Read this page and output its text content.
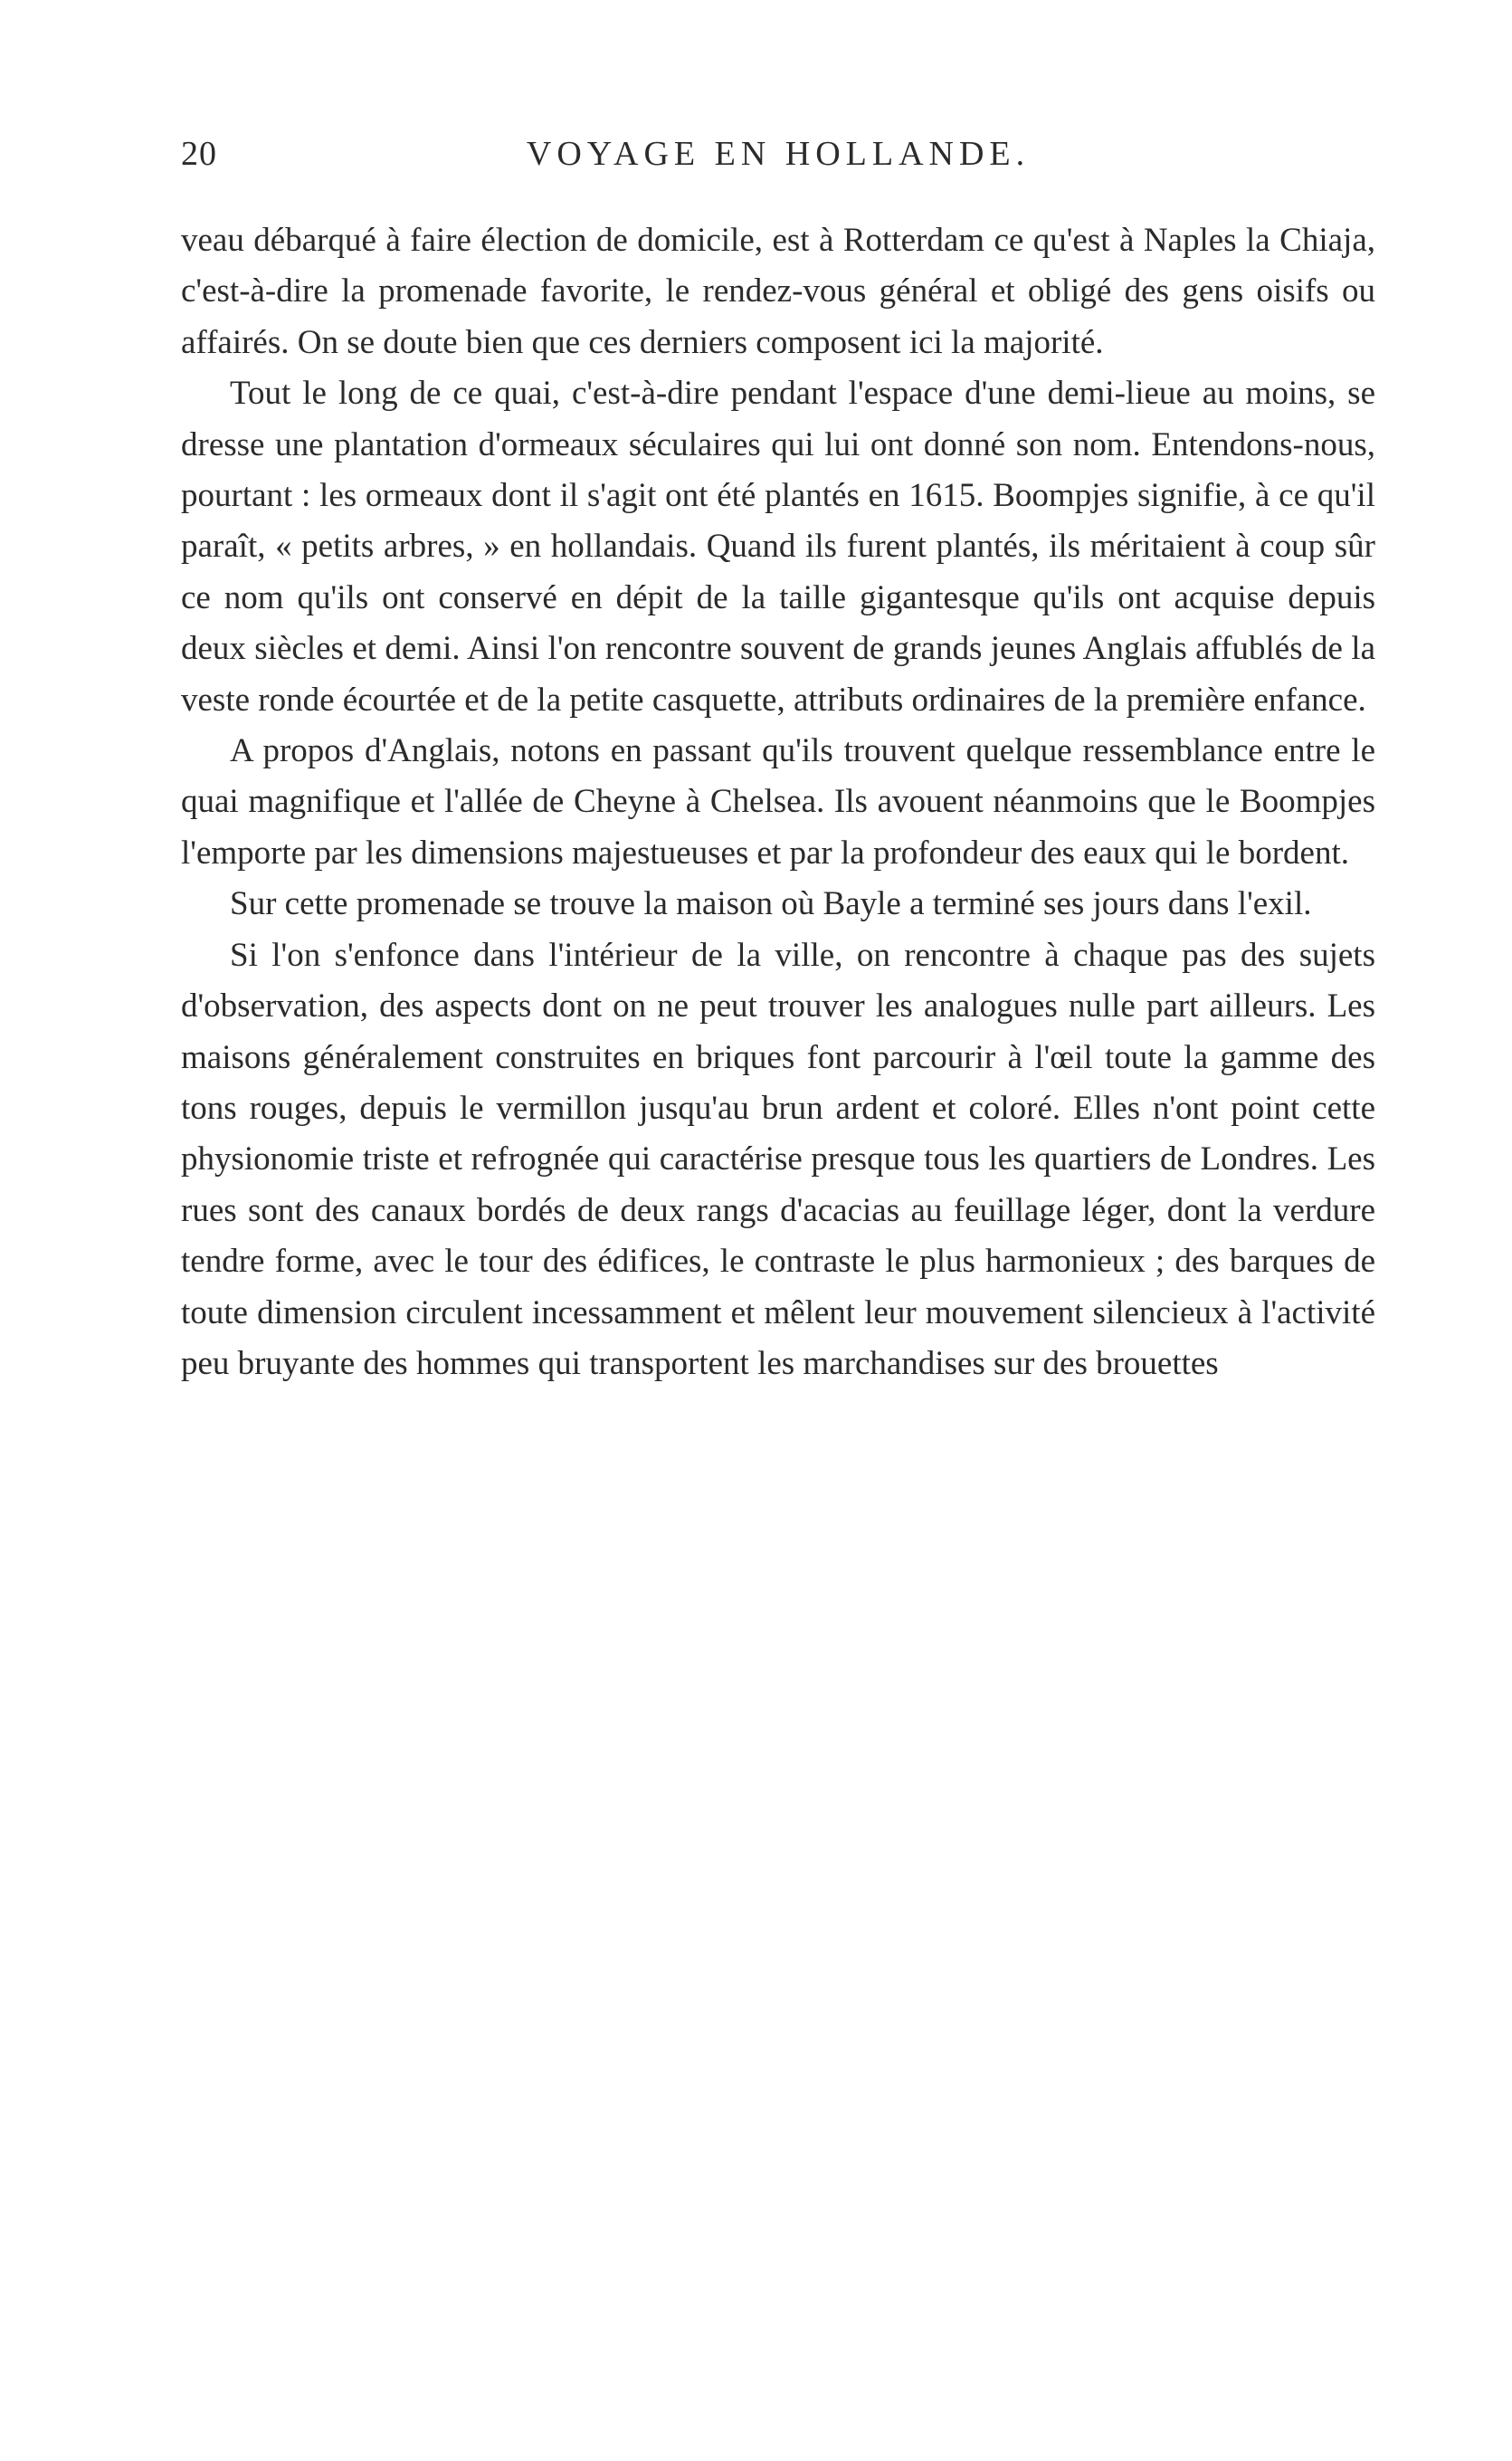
20	VOYAGE EN HOLLANDE.

veau débarqué à faire élection de domicile, est à Rotterdam ce qu'est à Naples la Chiaja, c'est-à-dire la promenade favorite, le rendez-vous général et obligé des gens oisifs ou affairés. On se doute bien que ces derniers composent ici la majorité.

Tout le long de ce quai, c'est-à-dire pendant l'espace d'une demi-lieue au moins, se dresse une plantation d'ormeaux séculaires qui lui ont donné son nom. Entendons-nous, pourtant : les ormeaux dont il s'agit ont été plantés en 1615. Boompjes signifie, à ce qu'il paraît, « petits arbres, » en hollandais. Quand ils furent plantés, ils méritaient à coup sûr ce nom qu'ils ont conservé en dépit de la taille gigantesque qu'ils ont acquise depuis deux siècles et demi. Ainsi l'on rencontre souvent de grands jeunes Anglais affublés de la veste ronde écourtée et de la petite casquette, attributs ordinaires de la première enfance.

A propos d'Anglais, notons en passant qu'ils trouvent quelque ressemblance entre le quai magnifique et l'allée de Cheyne à Chelsea. Ils avouent néanmoins que le Boompjes l'emporte par les dimensions majestueuses et par la profondeur des eaux qui le bordent.

Sur cette promenade se trouve la maison où Bayle a terminé ses jours dans l'exil.

Si l'on s'enfonce dans l'intérieur de la ville, on rencontre à chaque pas des sujets d'observation, des aspects dont on ne peut trouver les analogues nulle part ailleurs. Les maisons généralement construites en briques font parcourir à l'œil toute la gamme des tons rouges, depuis le vermillon jusqu'au brun ardent et coloré. Elles n'ont point cette physionomie triste et refrognée qui caractérise presque tous les quartiers de Londres. Les rues sont des canaux bordés de deux rangs d'acacias au feuillage léger, dont la verdure tendre forme, avec le tour des édifices, le contraste le plus harmonieux ; des barques de toute dimension circulent incessamment et mêlent leur mouvement silencieux à l'activité peu bruyante des hommes qui transportent les marchandises sur des brouettes
